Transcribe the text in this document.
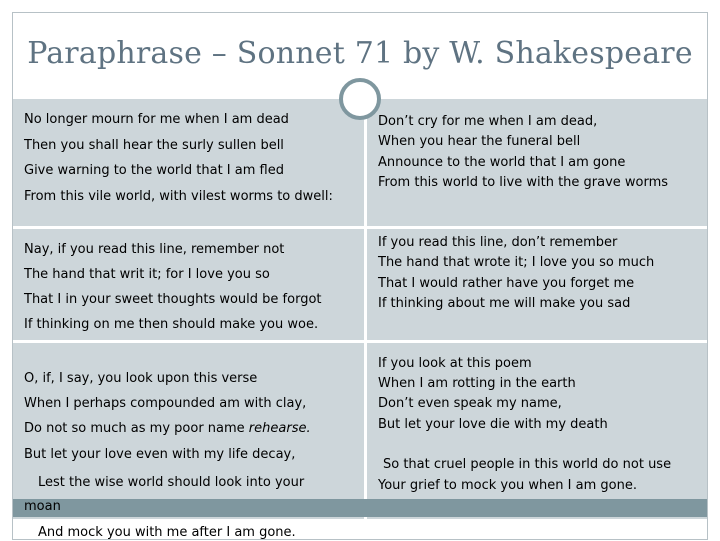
Paraphrase – Sonnet 71 by W. Shakespeare
No longer mourn for me when I am dead
Then you shall hear the surly sullen bell
Give warning to the world that I am fled
From this vile world, with vilest worms to dwell:
Nay, if you read this line, remember not
The hand that writ it; for I love you so
That I in your sweet thoughts would be forgot
If thinking on me then should make you woe.
O, if, I say, you look upon this verse
When I perhaps compounded am with clay,
Do not so much as my poor name rehearse.
But let your love even with my life decay,
Lest the wise world should look into your
moan
And mock you with me after I am gone.
Don’t cry for me when I am dead,
When you hear the funeral bell
Announce to the world that I am gone
From this world to live with the grave worms
If you read this line, don’t remember
The hand that wrote it; I love you so much
That I would rather have you forget me
If thinking about me will make you sad
If you look at this poem
When I am rotting in the earth
Don’t even speak my name,
But let your love die with my death
So that cruel people in this world do not use
Your grief to mock you when I am gone.
